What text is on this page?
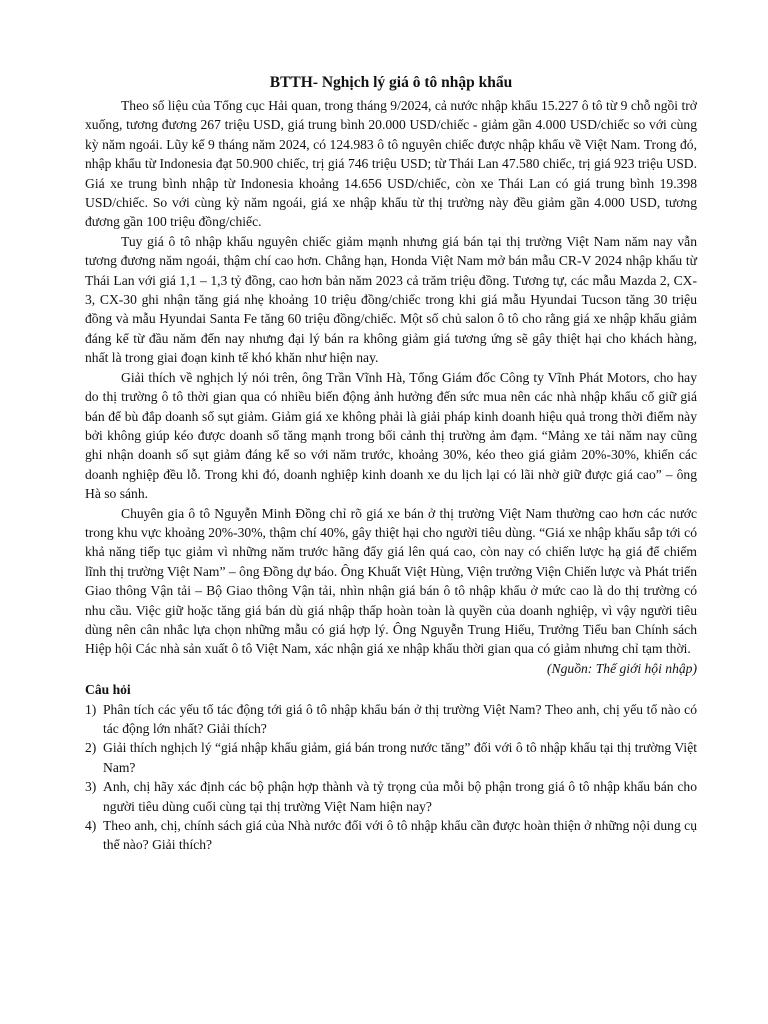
BTTH- Nghịch lý giá ô tô nhập khẩu

Theo số liệu của Tổng cục Hải quan, trong tháng 9/2024, cả nước nhập khẩu 15.227 ô tô từ 9 chỗ ngồi trở xuống, tương đương 267 triệu USD, giá trung bình 20.000 USD/chiếc - giảm gần 4.000 USD/chiếc so với cùng kỳ năm ngoái. Lũy kế 9 tháng năm 2024, có 124.983 ô tô nguyên chiếc được nhập khẩu về Việt Nam. Trong đó, nhập khẩu từ Indonesia đạt 50.900 chiếc, trị giá 746 triệu USD; từ Thái Lan 47.580 chiếc, trị giá 923 triệu USD. Giá xe trung bình nhập từ Indonesia khoảng 14.656 USD/chiếc, còn xe Thái Lan có giá trung bình 19.398 USD/chiếc. So với cùng kỳ năm ngoái, giá xe nhập khẩu từ thị trường này đều giảm gần 4.000 USD, tương đương gần 100 triệu đồng/chiếc.

Tuy giá ô tô nhập khẩu nguyên chiếc giảm mạnh nhưng giá bán tại thị trường Việt Nam năm nay vẫn tương đương năm ngoái, thậm chí cao hơn. Chẳng hạn, Honda Việt Nam mở bán mẫu CR-V 2024 nhập khẩu từ Thái Lan với giá 1,1 – 1,3 tỷ đồng, cao hơn bản năm 2023 cả trăm triệu đồng. Tương tự, các mẫu Mazda 2, CX-3, CX-30 ghi nhận tăng giá nhẹ khoảng 10 triệu đồng/chiếc trong khi giá mẫu Hyundai Tucson tăng 30 triệu đồng và mẫu Hyundai Santa Fe tăng 60 triệu đồng/chiếc. Một số chủ salon ô tô cho rằng giá xe nhập khẩu giảm đáng kể từ đầu năm đến nay nhưng đại lý bán ra không giảm giá tương ứng sẽ gây thiệt hại cho khách hàng, nhất là trong giai đoạn kinh tế khó khăn như hiện nay.

Giải thích về nghịch lý nói trên, ông Trần Vĩnh Hà, Tổng Giám đốc Công ty Vĩnh Phát Motors, cho hay do thị trường ô tô thời gian qua có nhiều biến động ảnh hưởng đến sức mua nên các nhà nhập khẩu cố giữ giá bán để bù đắp doanh số sụt giảm. Giảm giá xe không phải là giải pháp kinh doanh hiệu quả trong thời điểm này bởi không giúp kéo được doanh số tăng mạnh trong bối cảnh thị trường ảm đạm. “Mảng xe tải năm nay cũng ghi nhận doanh số sụt giảm đáng kể so với năm trước, khoảng 30%, kéo theo giá giảm 20%-30%, khiến các doanh nghiệp đều lỗ. Trong khi đó, doanh nghiệp kinh doanh xe du lịch lại có lãi nhờ giữ được giá cao” – ông Hà so sánh.

Chuyên gia ô tô Nguyễn Minh Đồng chỉ rõ giá xe bán ở thị trường Việt Nam thường cao hơn các nước trong khu vực khoảng 20%-30%, thậm chí 40%, gây thiệt hại cho người tiêu dùng. “Giá xe nhập khẩu sắp tới có khả năng tiếp tục giảm vì những năm trước hãng đẩy giá lên quá cao, còn nay có chiến lược hạ giá để chiếm lĩnh thị trường Việt Nam” – ông Đồng dự báo. Ông Khuất Việt Hùng, Viện trưởng Viện Chiến lược và Phát triển Giao thông Vận tải – Bộ Giao thông Vận tải, nhìn nhận giá bán ô tô nhập khẩu ở mức cao là do thị trường có nhu cầu. Việc giữ hoặc tăng giá bán dù giá nhập thấp hoàn toàn là quyền của doanh nghiệp, vì vậy người tiêu dùng nên cân nhắc lựa chọn những mẫu có giá hợp lý. Ông Nguyễn Trung Hiếu, Trưởng Tiểu ban Chính sách Hiệp hội Các nhà sản xuất ô tô Việt Nam, xác nhận giá xe nhập khẩu thời gian qua có giảm nhưng chỉ tạm thời.

(Nguồn: Thế giới hội nhập)

Câu hỏi

1) Phân tích các yếu tố tác động tới giá ô tô nhập khẩu bán ở thị trường Việt Nam? Theo anh, chị yếu tố nào có tác động lớn nhất? Giải thích?
2) Giải thích nghịch lý “giá nhập khẩu giảm, giá bán trong nước tăng” đối với ô tô nhập khẩu tại thị trường Việt Nam?
3) Anh, chị hãy xác định các bộ phận hợp thành và tỷ trọng của mỗi bộ phận trong giá ô tô nhập khẩu bán cho người tiêu dùng cuối cùng tại thị trường Việt Nam hiện nay?
4) Theo anh, chị, chính sách giá của Nhà nước đối với ô tô nhập khẩu cần được hoàn thiện ở những nội dung cụ thể nào? Giải thích?
